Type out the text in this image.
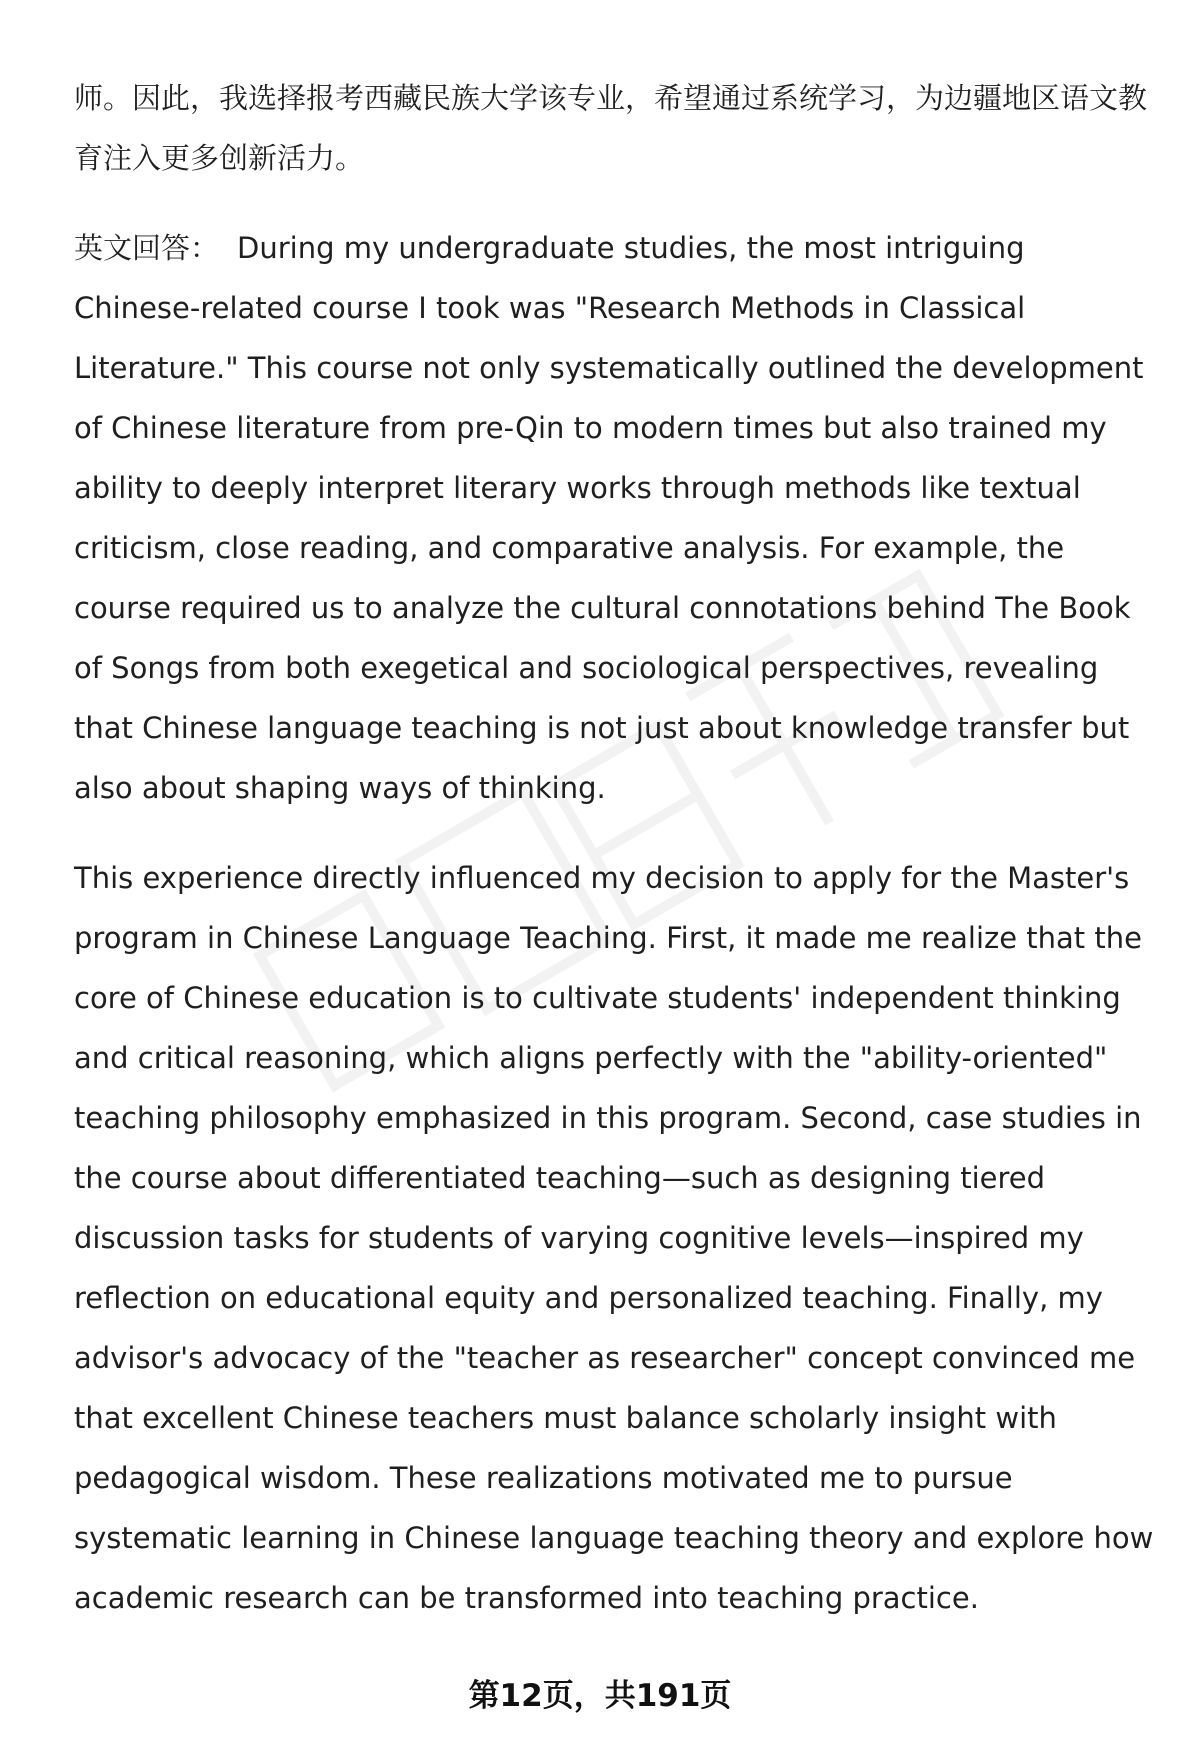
师。因此，我选择报考西藏民族大学该专业，希望通过系统学习，为边疆地区语文教育注入更多创新活力。

英文回答： During my undergraduate studies, the most intriguing Chinese-related course I took was "Research Methods in Classical Literature." This course not only systematically outlined the development of Chinese literature from pre-Qin to modern times but also trained my ability to deeply interpret literary works through methods like textual criticism, close reading, and comparative analysis. For example, the course required us to analyze the cultural connotations behind The Book of Songs from both exegetical and sociological perspectives, revealing that Chinese language teaching is not just about knowledge transfer but also about shaping ways of thinking.

This experience directly influenced my decision to apply for the Master's program in Chinese Language Teaching. First, it made me realize that the core of Chinese education is to cultivate students' independent thinking and critical reasoning, which aligns perfectly with the "ability-oriented" teaching philosophy emphasized in this program. Second, case studies in the course about differentiated teaching—such as designing tiered discussion tasks for students of varying cognitive levels—inspired my reflection on educational equity and personalized teaching. Finally, my advisor's advocacy of the "teacher as researcher" concept convinced me that excellent Chinese teachers must balance scholarly insight with pedagogical wisdom. These realizations motivated me to pursue systematic learning in Chinese language teaching theory and explore how academic research can be transformed into teaching practice.

第12页，共191页
